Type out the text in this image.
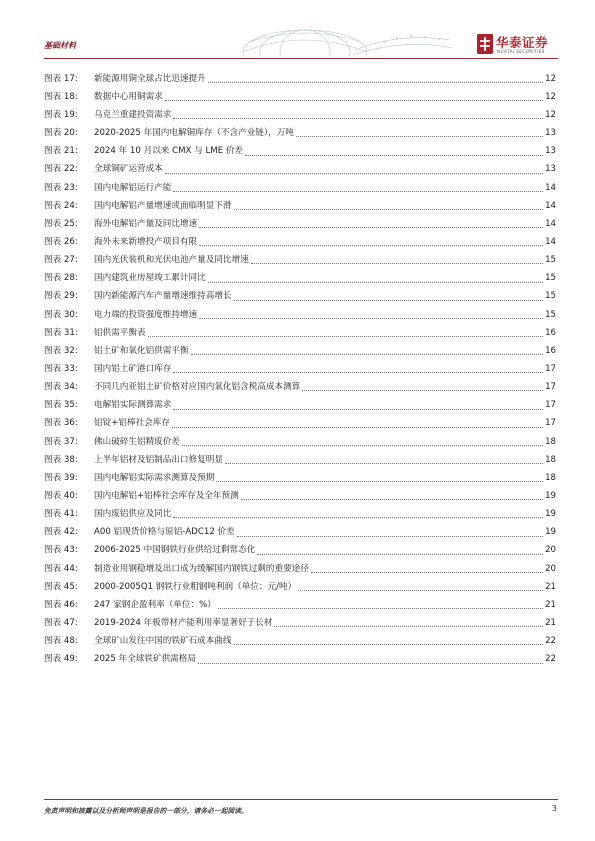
基础材料	华泰证券
HUATAI SECURITIES
图表 17:	新能源用铜全球占比迅速提升	12
图表 18:	数据中心用铜需求	12
图表 19:	乌克兰重建投资需求	12
图表 20:	2020-2025 年国内电解铜库存（不含产业链），万吨	13
图表 21:	2024 年 10 月以来 CMX 与 LME 价差	13
图表 22:	全球铜矿运营成本	13
图表 23:	国内电解铝运行产能	14
图表 24:	国内电解铝产量增速或面临明显下滑	14
图表 25:	海外电解铝产量及同比增速	14
图表 26:	海外未来新增投产项目有限	14
图表 27:	国内光伏装机和光伏电池产量及同比增速	15
图表 28:	国内建筑业房屋竣工累计同比	15
图表 29:	国内新能源汽车产量增速维持高增长	15
图表 30:	电力端的投资强度维持增速	15
图表 31:	铝供需平衡表	16
图表 32:	铝土矿和氧化铝供需平衡	16
图表 33:	国内铝土矿港口库存	17
图表 34:	不同几内亚铝土矿价格对应国内氧化铝含税高成本测算	17
图表 35:	电解铝实际测算需求	17
图表 36:	铝锭+铝棒社会库存	17
图表 37:	佛山破碎生铝精废价差	18
图表 38:	上半年铝材及铝制品出口修复明显	18
图表 39:	国内电解铝实际需求测算及预期	18
图表 40:	国内电解铝+铝棒社会库存及全年预测	19
图表 41:	国内废铝供应及同比	19
图表 42:	A00 铝现货价格与原铝-ADC12 价差	19
图表 43:	2006-2025 中国钢铁行业供给过剩常态化	20
图表 44:	制造业用钢稳增及出口成为缓解国内钢铁过剩的重要途径	20
图表 45:	2000-2005Q1 钢铁行业粗钢吨利润（单位：元/吨）	21
图表 46:	247 家钢企盈利率（单位：%）	21
图表 47:	2019-2024 年板带材产能利用率显著好于长材	21
图表 48:	全球矿山发往中国的铁矿石成本曲线	22
图表 49:	2025 年全球铁矿供需格局	22
免责声明和披露以及分析师声明是报告的一部分，请务必一起阅读。	3
